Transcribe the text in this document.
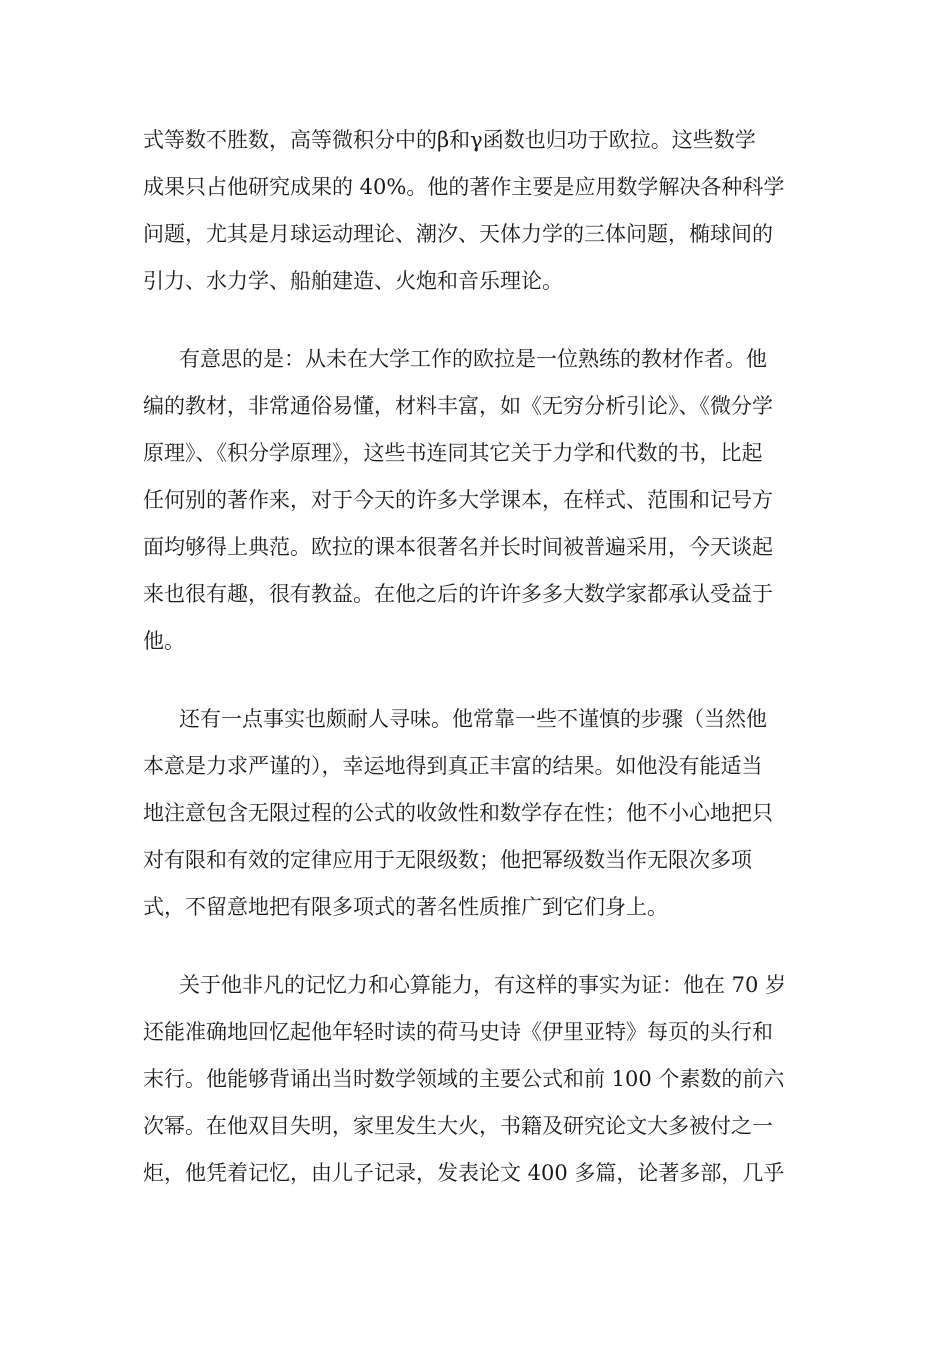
式等数不胜数，高等微积分中的β和γ函数也归功于欧拉。这些数学
成果只占他研究成果的 40%。他的著作主要是应用数学解决各种科学
问题，尤其是月球运动理论、潮汐、天体力学的三体问题，椭球间的
引力、水力学、船舶建造、火炮和音乐理论。
有意思的是：从未在大学工作的欧拉是一位熟练的教材作者。他
编的教材，非常通俗易懂，材料丰富，如《无穷分析引论》、《微分学
原理》、《积分学原理》，这些书连同其它关于力学和代数的书，比起
任何别的著作来，对于今天的许多大学课本，在样式、范围和记号方
面均够得上典范。欧拉的课本很著名并长时间被普遍采用，今天谈起
来也很有趣，很有教益。在他之后的许许多多大数学家都承认受益于
他。
还有一点事实也颇耐人寻味。他常靠一些不谨慎的步骤（当然他
本意是力求严谨的），幸运地得到真正丰富的结果。如他没有能适当
地注意包含无限过程的公式的收敛性和数学存在性；他不小心地把只
对有限和有效的定律应用于无限级数；他把幂级数当作无限次多项
式，不留意地把有限多项式的著名性质推广到它们身上。
关于他非凡的记忆力和心算能力，有这样的事实为证：他在 70 岁
还能准确地回忆起他年轻时读的荷马史诗《伊里亚特》每页的头行和
末行。他能够背诵出当时数学领域的主要公式和前 100 个素数的前六
次幂。在他双目失明，家里发生大火，书籍及研究论文大多被付之一
炬，他凭着记忆，由儿子记录，发表论文 400 多篇，论著多部，几乎
